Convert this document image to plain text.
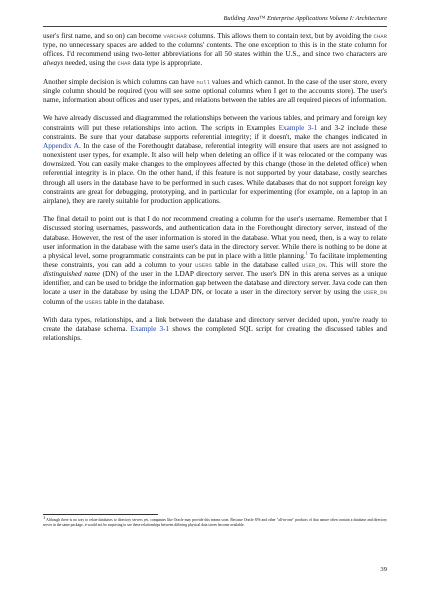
Building Java™ Enterprise Applications Volume I: Architecture

user's first name, and so on) can become VARCHAR columns. This allows them to contain text, but by avoiding the CHAR type, no unnecessary spaces are added to the columns' contents. The one exception to this is in the state column for offices. I'd recommend using two-letter abbreviations for all 50 states within the U.S., and since two characters are always needed, using the CHAR data type is appropriate.

Another simple decision is which columns can have null values and which cannot. In the case of the user store, every single column should be required (you will see some optional columns when I get to the accounts store). The user's name, information about offices and user types, and relations between the tables are all required pieces of information.

We have already discussed and diagrammed the relationships between the various tables, and primary and foreign key constraints will put these relationships into action. The scripts in Examples Example 3-1 and 3-2 include these constraints. Be sure that your database supports referential integrity; if it doesn't, make the changes indicated in Appendix A. In the case of the Forethought database, referential integrity will ensure that users are not assigned to nonexistent user types, for example. It also will help when deleting an office if it was relocated or the company was downsized. You can easily make changes to the employees affected by this change (those in the deleted office) when referential integrity is in place. On the other hand, if this feature is not supported by your database, costly searches through all users in the database have to be performed in such cases. While databases that do not support foreign key constraints are great for debugging, prototyping, and in particular for experimenting (for example, on a laptop in an airplane), they are rarely suitable for production applications.

The final detail to point out is that I do not recommend creating a column for the user's username. Remember that I discussed storing usernames, passwords, and authentication data in the Forethought directory server, instead of the database. However, the rest of the user information is stored in the database. What you need, then, is a way to relate user information in the database with the same user's data in the directory server. While there is nothing to be done at a physical level, some programmatic constraints can be put in place with a little planning.$^1$ To facilitate implementing these constraints, you can add a column to your USERS table in the database called USER_DN. This will store the distinguished name (DN) of the user in the LDAP directory server. The user's DN in this arena serves as a unique identifier, and can be used to bridge the information gap between the database and directory server. Java code can then locate a user in the database by using the LDAP DN, or locate a user in the directory server by using the USER_DN column of the USERS table in the database.

With data types, relationships, and a link between the database and directory server decided upon, you're ready to create the database schema. Example 3-1 shows the completed SQL script for creating the discussed tables and relationships.

$^1$ Although there is no way to relate databases to directory servers yet, companies like Oracle may provide this means soon. Because Oracle 8/9i and other "all-in-one" products of that nature often contain a database and directory server in the same package, it would not be surprising to see these relationships between differing physical data stores become available.
39
